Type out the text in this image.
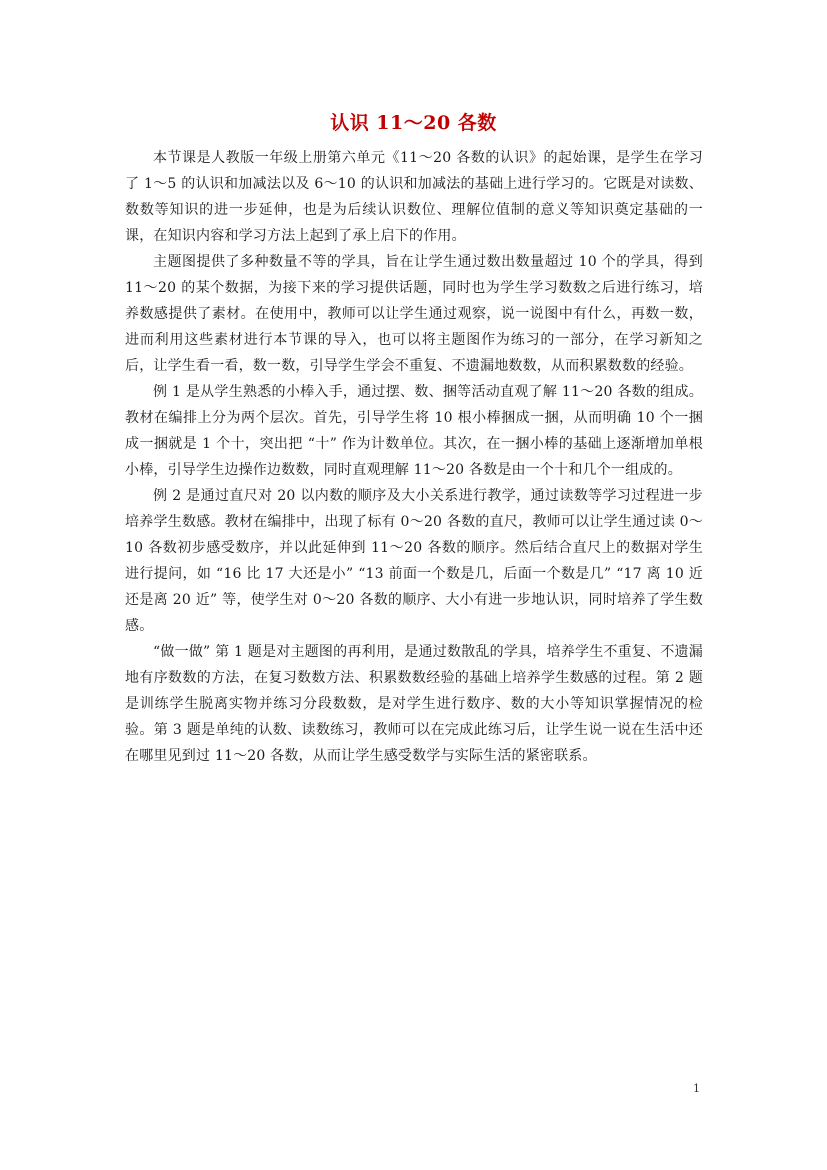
认识 11～20 各数

本节课是人教版一年级上册第六单元《11～20 各数的认识》的起始课，是学生在学习了 1～5 的认识和加减法以及 6～10 的认识和加减法的基础上进行学习的。它既是对读数、数数等知识的进一步延伸，也是为后续认识数位、理解位值制的意义等知识奠定基础的一课，在知识内容和学习方法上起到了承上启下的作用。

主题图提供了多种数量不等的学具，旨在让学生通过数出数量超过 10 个的学具，得到 11～20 的某个数据，为接下来的学习提供话题，同时也为学生学习数数之后进行练习，培养数感提供了素材。在使用中，教师可以让学生通过观察，说一说图中有什么，再数一数，进而利用这些素材进行本节课的导入，也可以将主题图作为练习的一部分，在学习新知之后，让学生看一看，数一数，引导学生学会不重复、不遗漏地数数，从而积累数数的经验。

例 1 是从学生熟悉的小棒入手，通过摆、数、捆等活动直观了解 11～20 各数的组成。教材在编排上分为两个层次。首先，引导学生将 10 根小棒捆成一捆，从而明确 10 个一捆成一捆就是 1 个十，突出把 “十” 作为计数单位。其次，在一捆小棒的基础上逐渐增加单根小棒，引导学生边操作边数数，同时直观理解 11～20 各数是由一个十和几个一组成的。

例 2 是通过直尺对 20 以内数的顺序及大小关系进行教学，通过读数等学习过程进一步培养学生数感。教材在编排中，出现了标有 0～20 各数的直尺，教师可以让学生通过读 0～10 各数初步感受数序，并以此延伸到 11～20 各数的顺序。然后结合直尺上的数据对学生进行提问，如 “16 比 17 大还是小” “13 前面一个数是几，后面一个数是几” “17 离 10 近还是离 20 近” 等，使学生对 0～20 各数的顺序、大小有进一步地认识，同时培养了学生数感。

“做一做” 第 1 题是对主题图的再利用，是通过数散乱的学具，培养学生不重复、不遗漏地有序数数的方法，在复习数数方法、积累数数经验的基础上培养学生数感的过程。第 2 题是训练学生脱离实物并练习分段数数，是对学生进行数序、数的大小等知识掌握情况的检验。第 3 题是单纯的认数、读数练习，教师可以在完成此练习后，让学生说一说在生活中还在哪里见到过 11～20 各数，从而让学生感受数学与实际生活的紧密联系。

1
